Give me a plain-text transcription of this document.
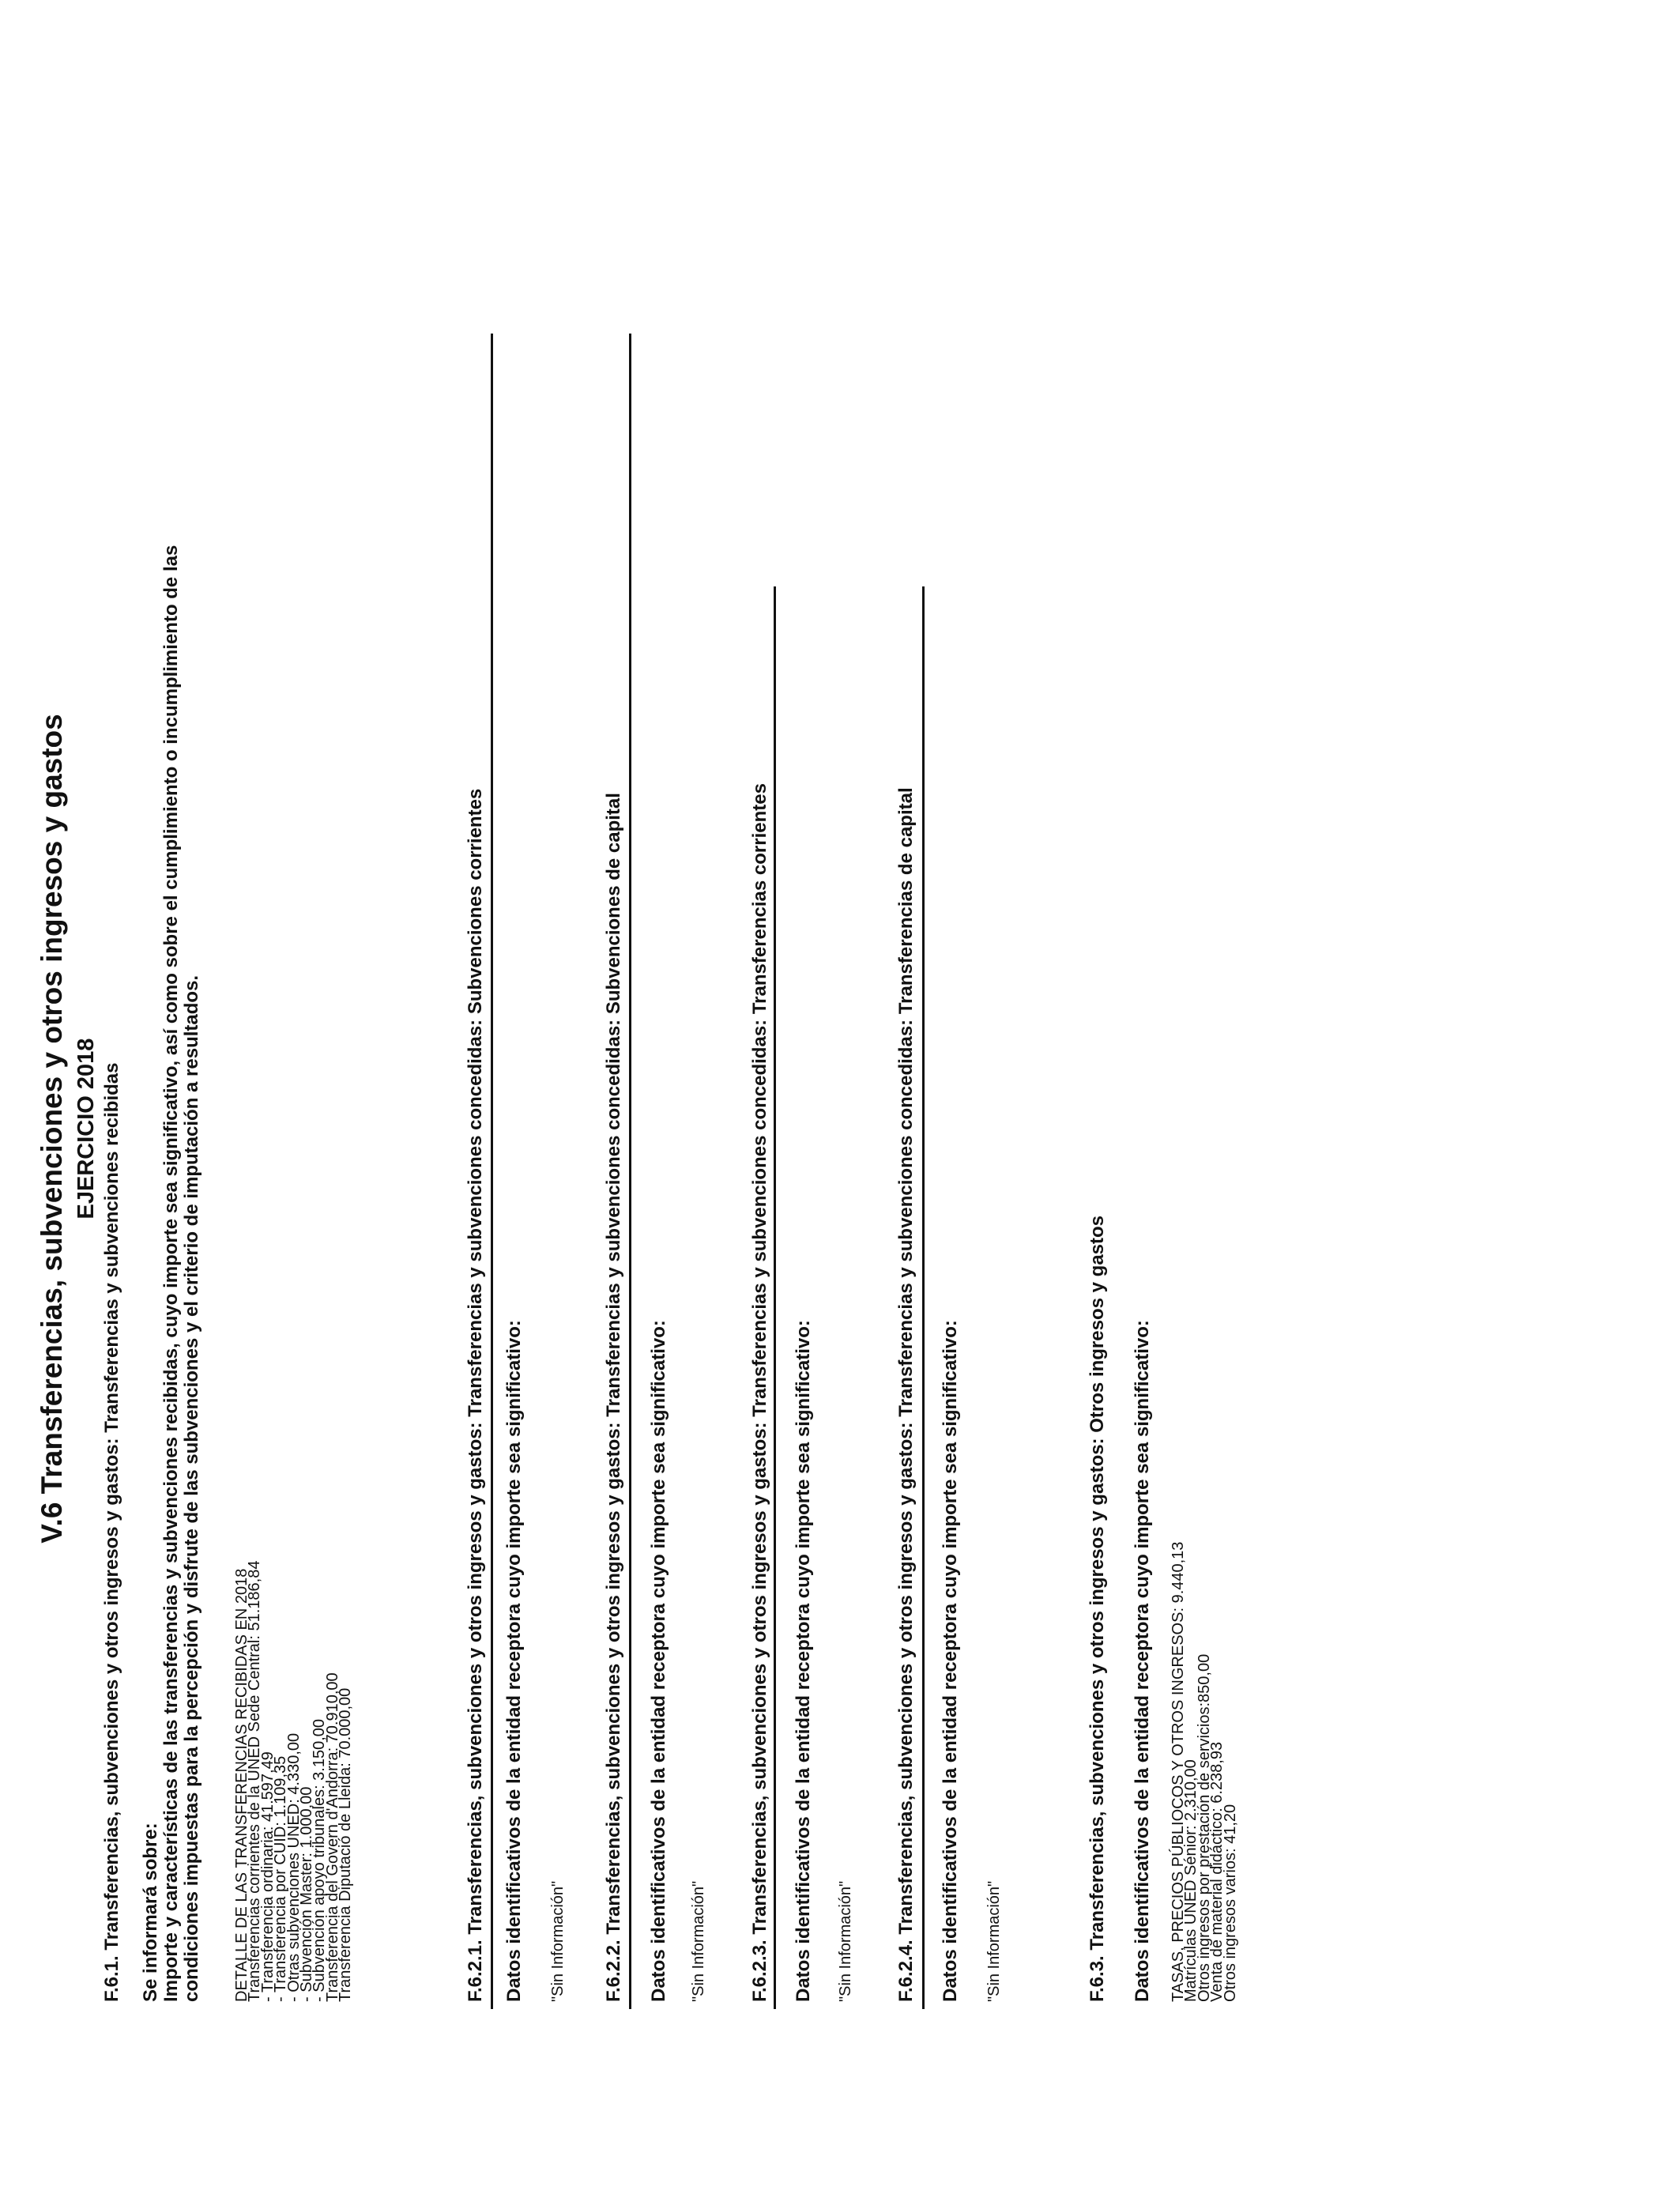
V.6 Transferencias, subvenciones y otros ingresos y gastos EJERCICIO 2018 F.6.1. Transferencias, subvenciones y otros ingresos y gastos: Transferencias y subvenciones recibidas Se informará sobre: Importe y características de las transferencias y subvenciones recibidas, cuyo importe sea significativo, así como sobre el cumplimiento o incumplimiento de las condiciones impuestas para la percepción y disfrute de las subvenciones y el criterio de imputación a resultados. DETALLE DE LAS TRANSFERENCIAS RECIBIDAS EN 2018
Transferencias corrientes de la UNED Sede Central: 51.186,84
- Transferencia ordinaria: 41.597,49
- Transferencia por CUID: 1.109,35
- Otras subvenciones UNED: 4.330,00
- Subvención Master: 1.000,00
- Subvención apoyo tribunales: 3.150,00
Transferencia del Govern d'Andorra: 70.910,00
Transferencia Diputació de Lleida: 70.000,00	F.6.2.1. Transferencias, subvenciones y otros ingresos y gastos: Transferencias y subvenciones concedidas: Subvenciones corrientes Datos identificativos de la entidad receptora cuyo importe sea significativo: "Sin Información" F.6.2.2. Transferencias, subvenciones y otros ingresos y gastos: Transferencias y subvenciones concedidas: Subvenciones de capital Datos identificativos de la entidad receptora cuyo importe sea significativo: "Sin Información" F.6.2.3. Transferencias, subvenciones y otros ingresos y gastos: Transferencias y subvenciones concedidas: Transferencias corrientes Datos identificativos de la entidad receptora cuyo importe sea significativo: "Sin Información" F.6.2.4. Transferencias, subvenciones y otros ingresos y gastos: Transferencias y subvenciones concedidas: Transferencias de capital Datos identificativos de la entidad receptora cuyo importe sea significativo: "Sin Información"	F.6.3. Transferencias, subvenciones y otros ingresos y gastos: Otros ingresos y gastos Datos identificativos de la entidad receptora cuyo importe sea significativo: TASAS, PRECIOS PÚBLIOCOS Y OTROS INGRESOS: 9.440,13
Matrículas UNED Sénior: 2.310,00
Otros ingresos por prestación de servicios:850,00
Venta de material didáctico: 6.238,93
Otros ingresos varios: 41,20
